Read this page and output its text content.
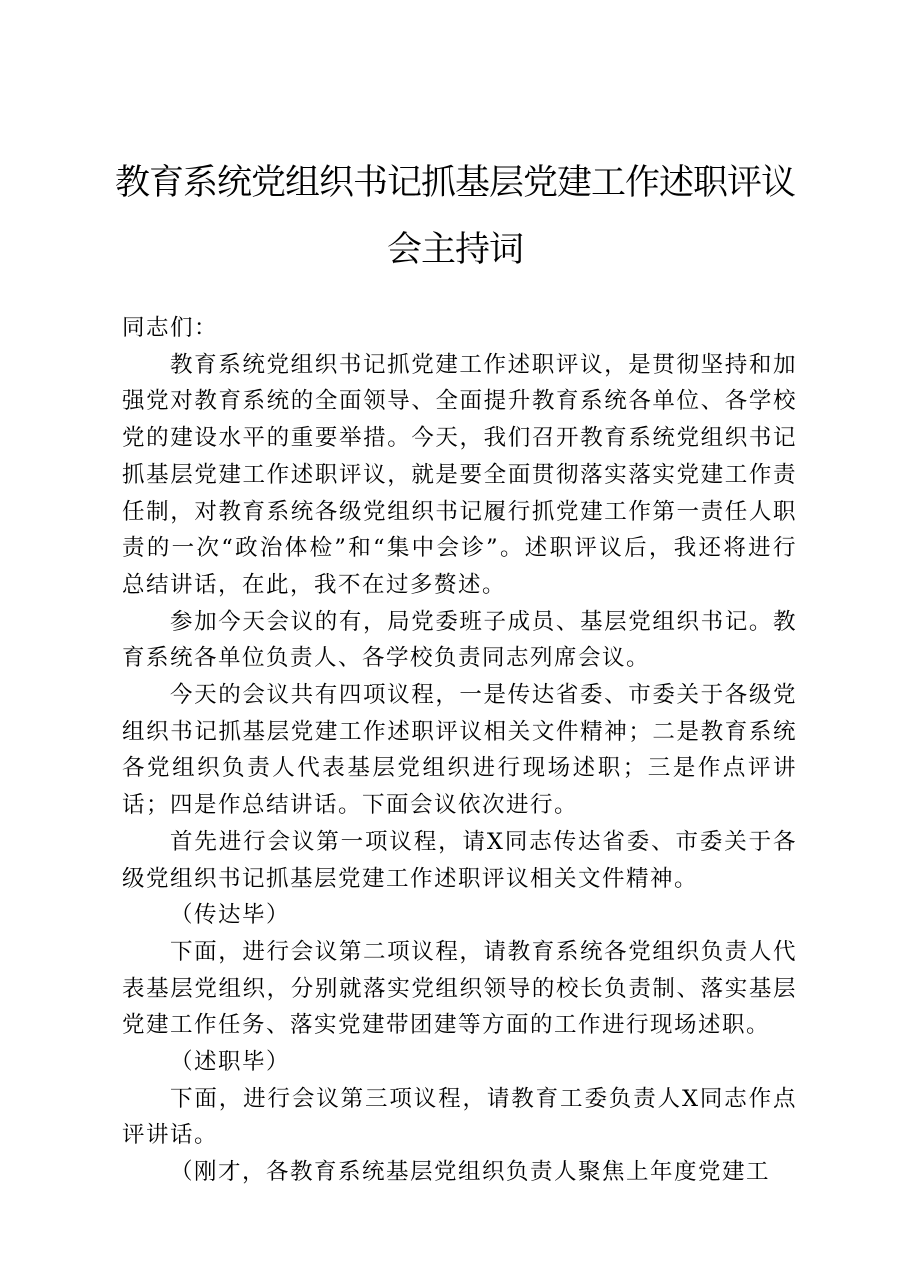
教育系统党组织书记抓基层党建工作述职评议
会主持词

同志们：

教育系统党组织书记抓党建工作述职评议，是贯彻坚持和加强党对教育系统的全面领导、全面提升教育系统各单位、各学校党的建设水平的重要举措。今天，我们召开教育系统党组织书记抓基层党建工作述职评议，就是要全面贯彻落实落实党建工作责任制，对教育系统各级党组织书记履行抓党建工作第一责任人职责的一次“政治体检”和“集中会诊”。述职评议后，我还将进行总结讲话，在此，我不在过多赘述。

参加今天会议的有，局党委班子成员、基层党组织书记。教育系统各单位负责人、各学校负责同志列席会议。

今天的会议共有四项议程，一是传达省委、市委关于各级党组织书记抓基层党建工作述职评议相关文件精神；二是教育系统各党组织负责人代表基层党组织进行现场述职；三是作点评讲话；四是作总结讲话。下面会议依次进行。

首先进行会议第一项议程，请X同志传达省委、市委关于各级党组织书记抓基层党建工作述职评议相关文件精神。

（传达毕）

下面，进行会议第二项议程，请教育系统各党组织负责人代表基层党组织，分别就落实党组织领导的校长负责制、落实基层党建工作任务、落实党建带团建等方面的工作进行现场述职。

（述职毕）

下面，进行会议第三项议程，请教育工委负责人X同志作点评讲话。

（刚才，各教育系统基层党组织负责人聚焦上年度党建工
